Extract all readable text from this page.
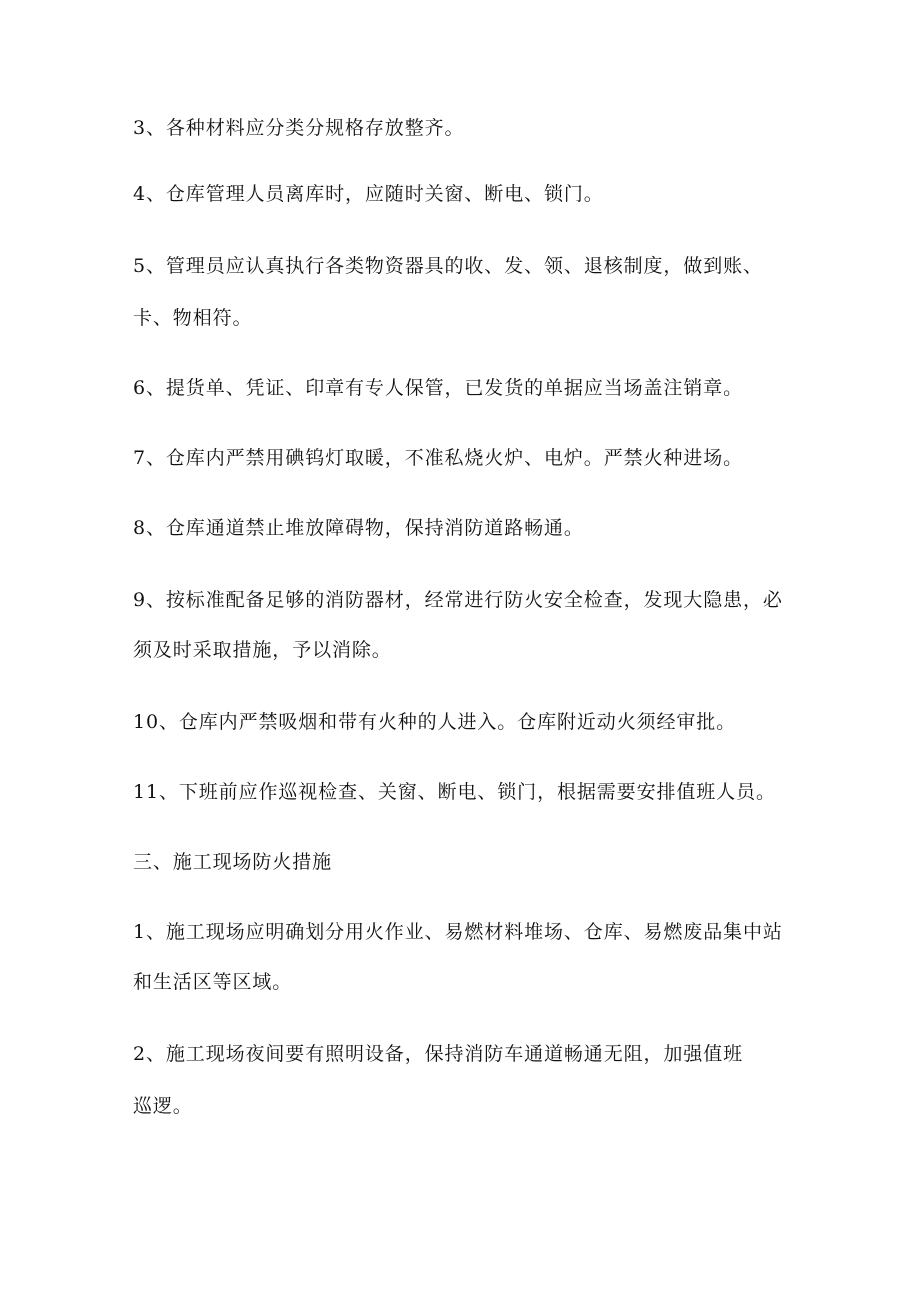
3、各种材料应分类分规格存放整齐。
4、仓库管理人员离库时，应随时关窗、断电、锁门。
5、管理员应认真执行各类物资器具的收、发、领、退核制度，做到账、
卡、物相符。
6、提货单、凭证、印章有专人保管，已发货的单据应当场盖注销章。
7、仓库内严禁用碘钨灯取暖，不准私烧火炉、电炉。严禁火种进场。
8、仓库通道禁止堆放障碍物，保持消防道路畅通。
9、按标准配备足够的消防器材，经常进行防火安全检查，发现大隐患，必
须及时采取措施，予以消除。
10、仓库内严禁吸烟和带有火种的人进入。仓库附近动火须经审批。
11、下班前应作巡视检查、关窗、断电、锁门，根据需要安排值班人员。
三、施工现场防火措施
1、施工现场应明确划分用火作业、易燃材料堆场、仓库、易燃废品集中站
和生活区等区域。
2、施工现场夜间要有照明设备，保持消防车通道畅通无阻，加强值班
巡逻。
